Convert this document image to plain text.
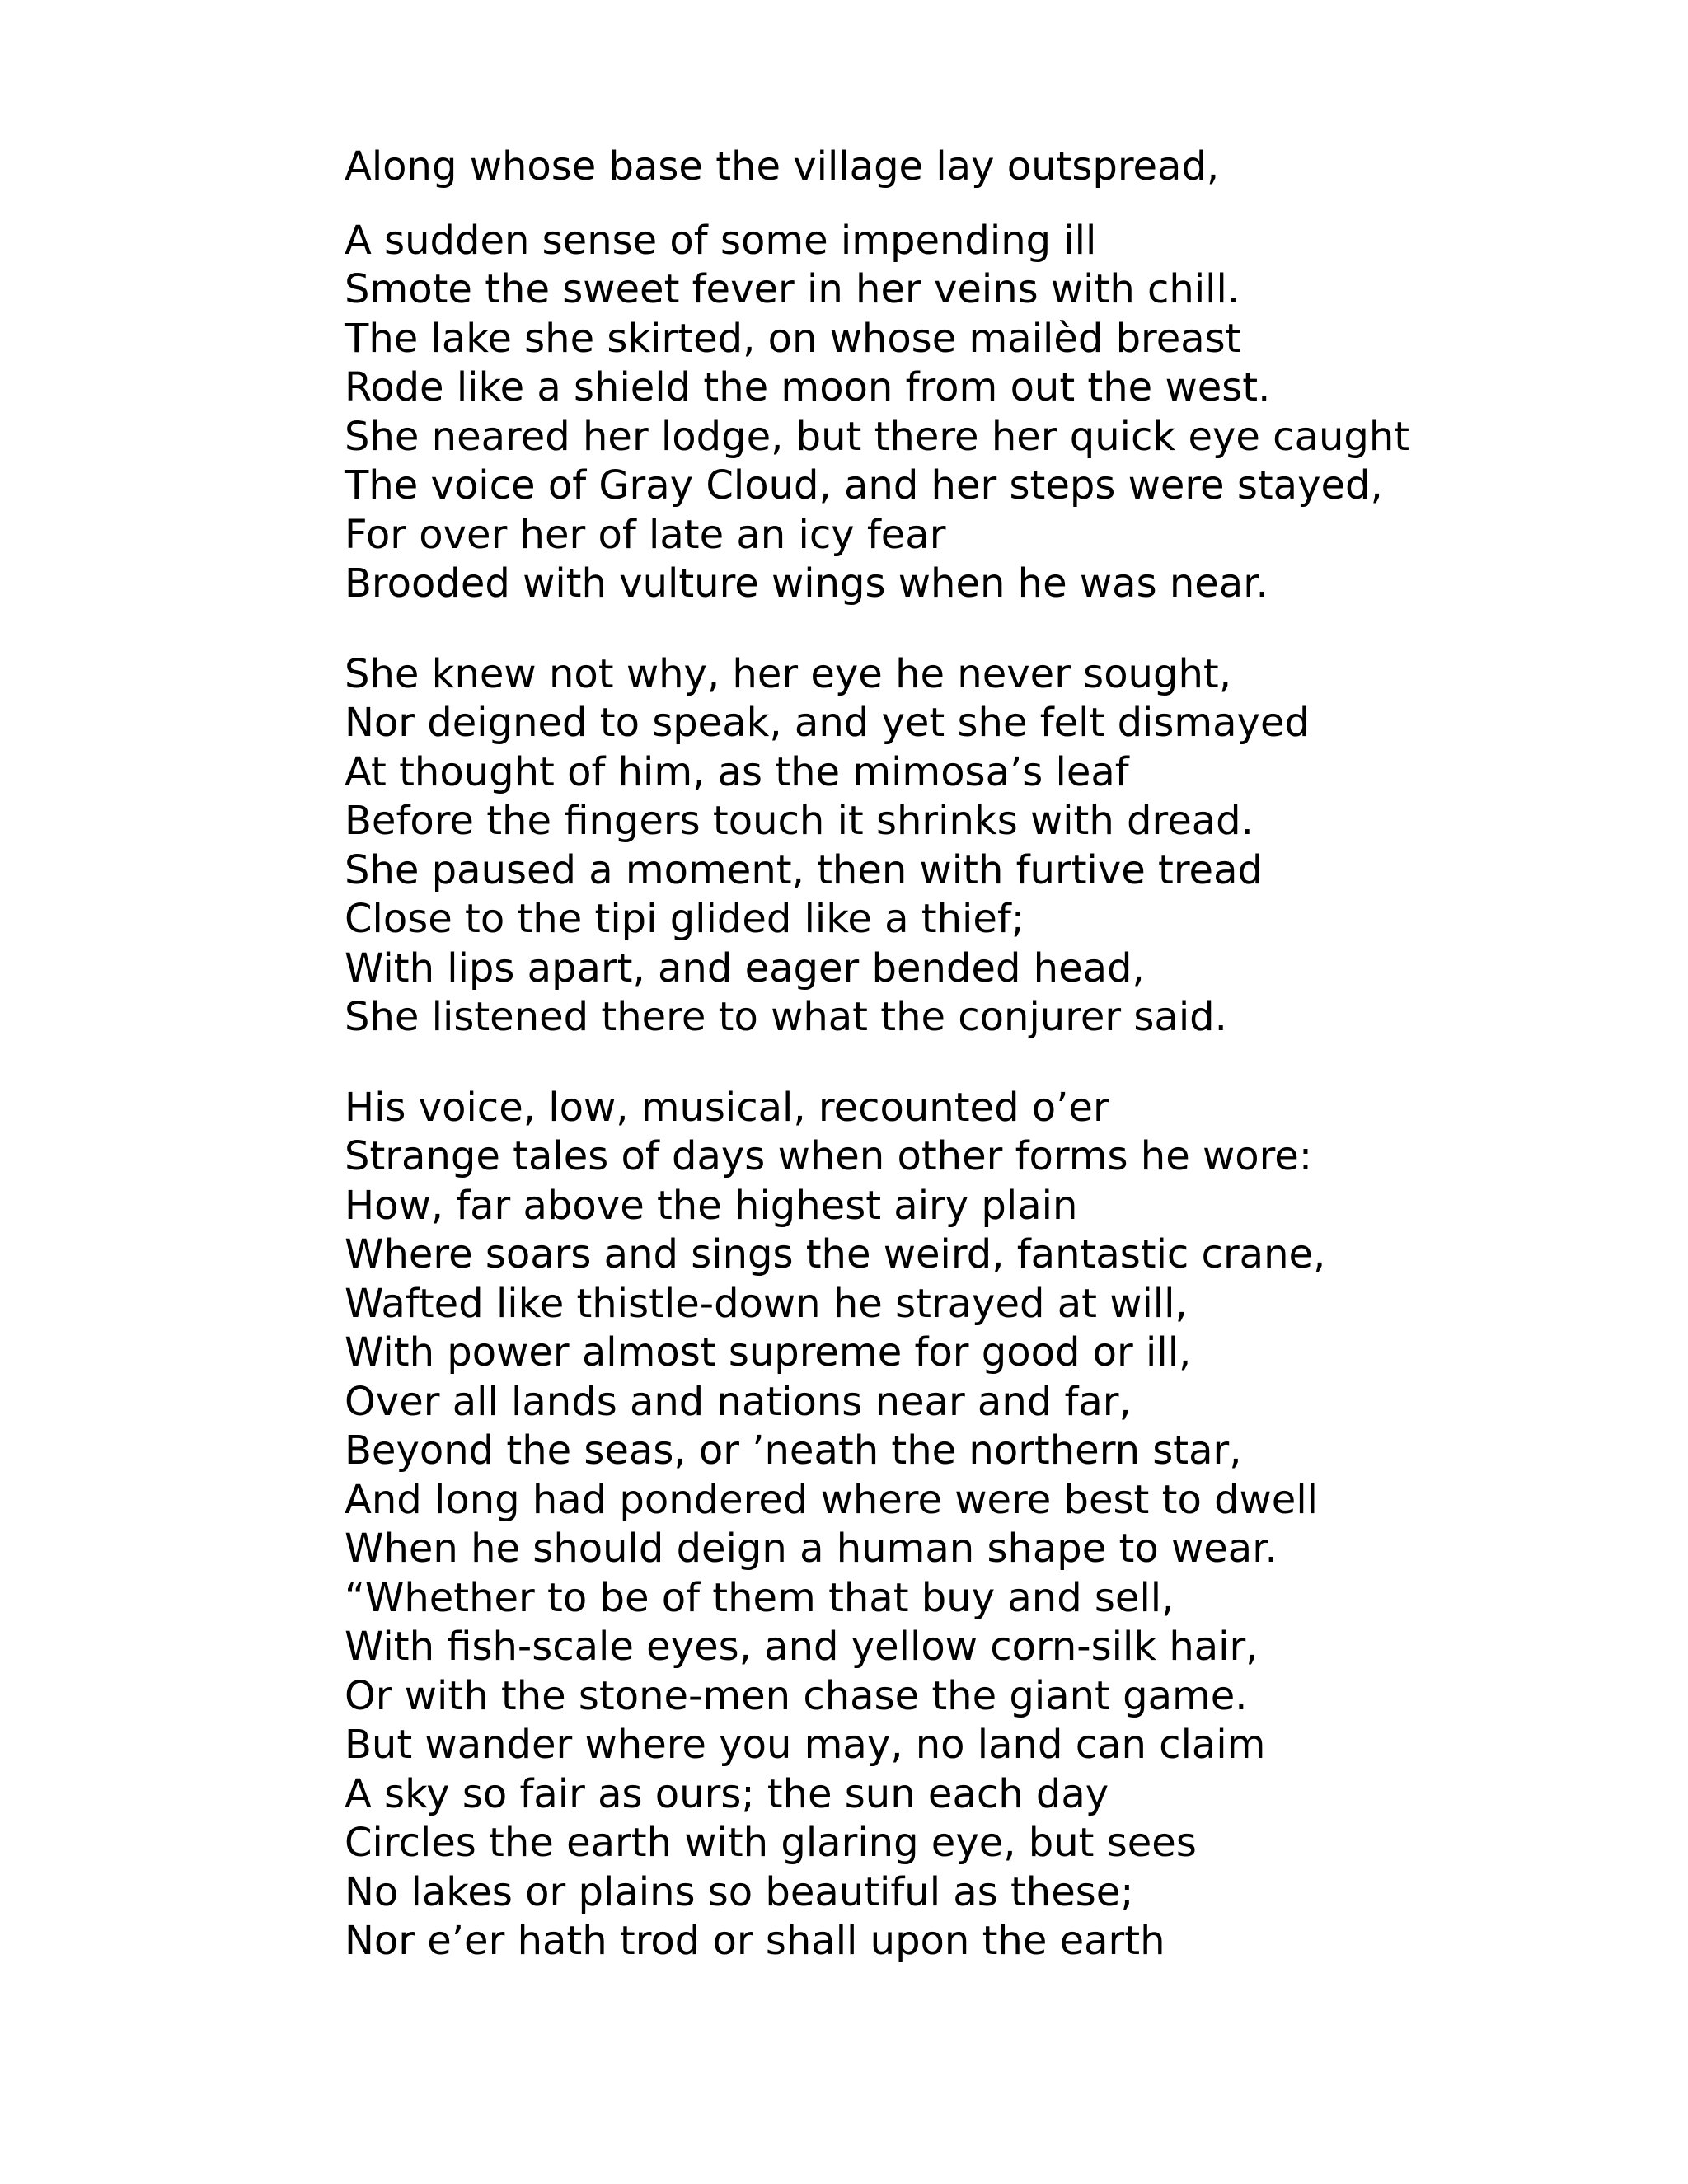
Along whose base the village lay outspread,
A sudden sense of some impending ill
Smote the sweet fever in her veins with chill.
The lake she skirted, on whose mailèd breast
Rode like a shield the moon from out the west.
She neared her lodge, but there her quick eye caught
The voice of Gray Cloud, and her steps were stayed,
For over her of late an icy fear
Brooded with vulture wings when he was near.
She knew not why, her eye he never sought,
Nor deigned to speak, and yet she felt dismayed
At thought of him, as the mimosa’s leaf
Before the fingers touch it shrinks with dread.
She paused a moment, then with furtive tread
Close to the tipi glided like a thief;
With lips apart, and eager bended head,
She listened there to what the conjurer said.
His voice, low, musical, recounted o’er
Strange tales of days when other forms he wore:
How, far above the highest airy plain
Where soars and sings the weird, fantastic crane,
Wafted like thistle-down he strayed at will,
With power almost supreme for good or ill,
Over all lands and nations near and far,
Beyond the seas, or ’neath the northern star,
And long had pondered where were best to dwell
When he should deign a human shape to wear.
“Whether to be of them that buy and sell,
With fish-scale eyes, and yellow corn-silk hair,
Or with the stone-men chase the giant game.
But wander where you may, no land can claim
A sky so fair as ours; the sun each day
Circles the earth with glaring eye, but sees
No lakes or plains so beautiful as these;
Nor e’er hath trod or shall upon the earth
